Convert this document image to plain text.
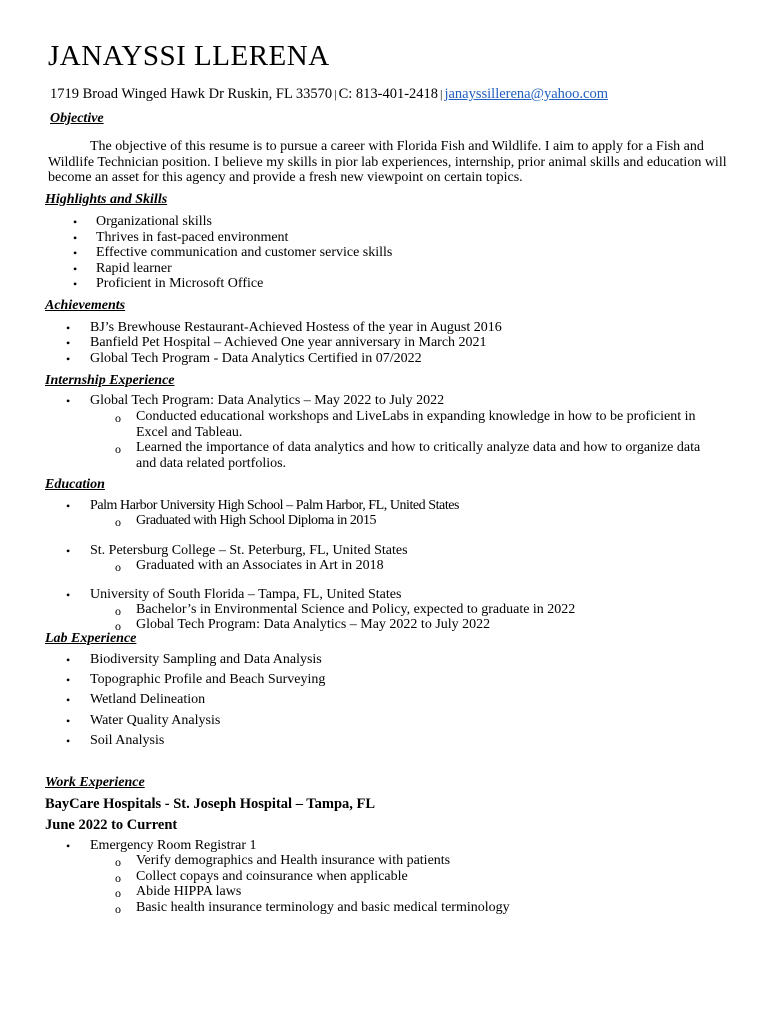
JANAYSSI LLERENA
1719 Broad Winged Hawk Dr Ruskin, FL 33570 | C: 813-401-2418 | janayssillerena@yahoo.com
Objective
The objective of this resume is to pursue a career with Florida Fish and Wildlife. I aim to apply for a Fish and Wildlife Technician position. I believe my skills in pior lab experiences, internship, prior animal skills and education will become an asset for this agency and provide a fresh new viewpoint on certain topics.
Highlights and Skills
• Organizational skills
• Thrives in fast-paced environment
• Effective communication and customer service skills
• Rapid learner
• Proficient in Microsoft Office
Achievements
• BJ’s Brewhouse Restaurant-Achieved Hostess of the year in August 2016
• Banfield Pet Hospital – Achieved One year anniversary in March 2021
• Global Tech Program - Data Analytics Certified in 07/2022
Internship Experience
• Global Tech Program: Data Analytics – May 2022 to July 2022
o Conducted educational workshops and LiveLabs in expanding knowledge in how to be proficient in
Excel and Tableau.
o Learned the importance of data analytics and how to critically analyze data and how to organize data
and data related portfolios.
Education
• Palm Harbor University High School – Palm Harbor, FL, United States
o Graduated with High School Diploma in 2015
• St. Petersburg College – St. Peterburg, FL, United States
o Graduated with an Associates in Art in 2018
• University of South Florida – Tampa, FL, United States
o Bachelor’s in Environmental Science and Policy, expected to graduate in 2022
o Global Tech Program: Data Analytics – May 2022 to July 2022
Lab Experience
• Biodiversity Sampling and Data Analysis
• Topographic Profile and Beach Surveying
• Wetland Delineation
• Water Quality Analysis
• Soil Analysis
Work Experience
BayCare Hospitals - St. Joseph Hospital – Tampa, FL
June 2022 to Current
• Emergency Room Registrar 1
o Verify demographics and Health insurance with patients
o Collect copays and coinsurance when applicable
o Abide HIPPA laws
o Basic health insurance terminology and basic medical terminology
